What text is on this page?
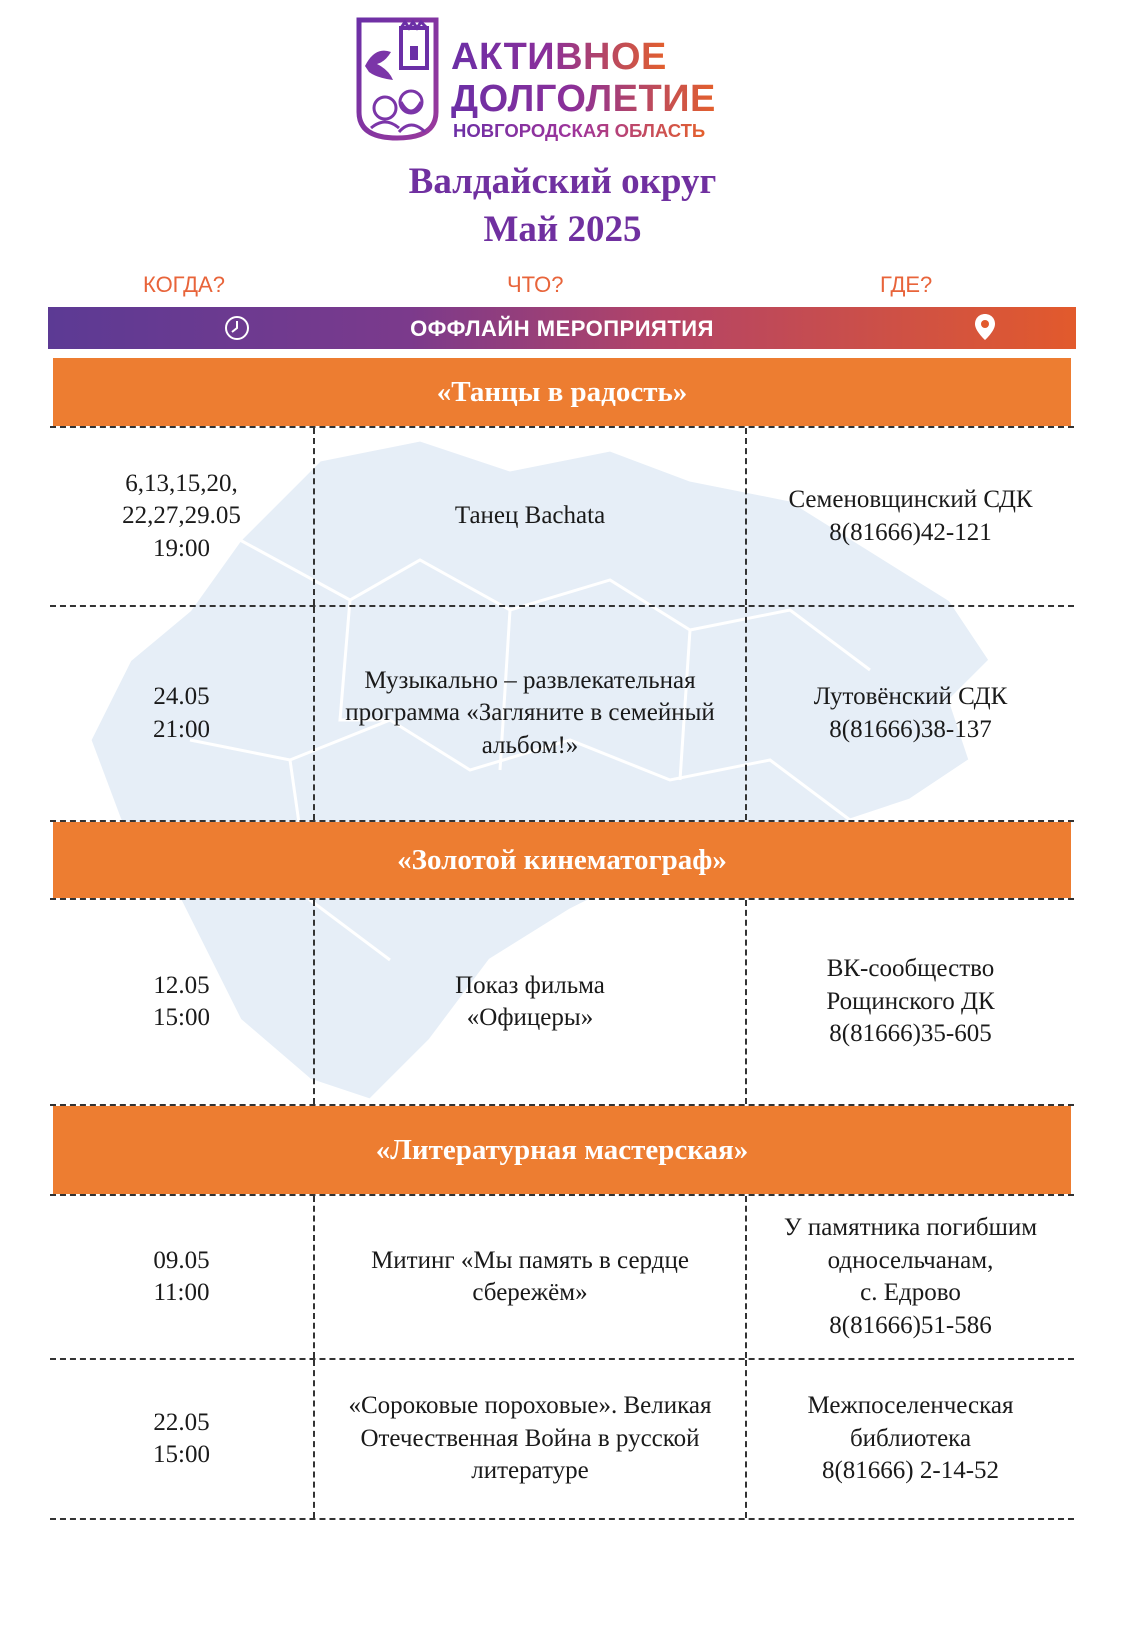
АКТИВНОЕ
ДОЛГОЛЕТИЕ
НОВГОРОДСКАЯ ОБЛАСТЬ
Валдайский округ
Май 2025
КОГДА?	ЧТО?	ГДЕ?
ОФФЛАЙН МЕРОПРИЯТИЯ
«Танцы в радость»
6,13,15,20,
22,27,29.05
19:00
Танец Bachata
Семеновщинский СДК
8(81666)42-121
24.05
21:00
Музыкально – развлекательная программа «Загляните в семейный альбом!»
Лутовёнский СДК
8(81666)38-137
«Золотой кинематограф»
12.05
15:00
Показ фильма
«Офицеры»
ВК-сообщество
Рощинского ДК
8(81666)35-605
«Литературная мастерская»
09.05
11:00
Митинг «Мы память в сердце сбережём»
У памятника погибшим односельчанам,
с. Едрово
8(81666)51-586
22.05
15:00
«Сороковые пороховые». Великая Отечественная Война в русской литературе
Межпоселенческая библиотека
8(81666) 2-14-52
